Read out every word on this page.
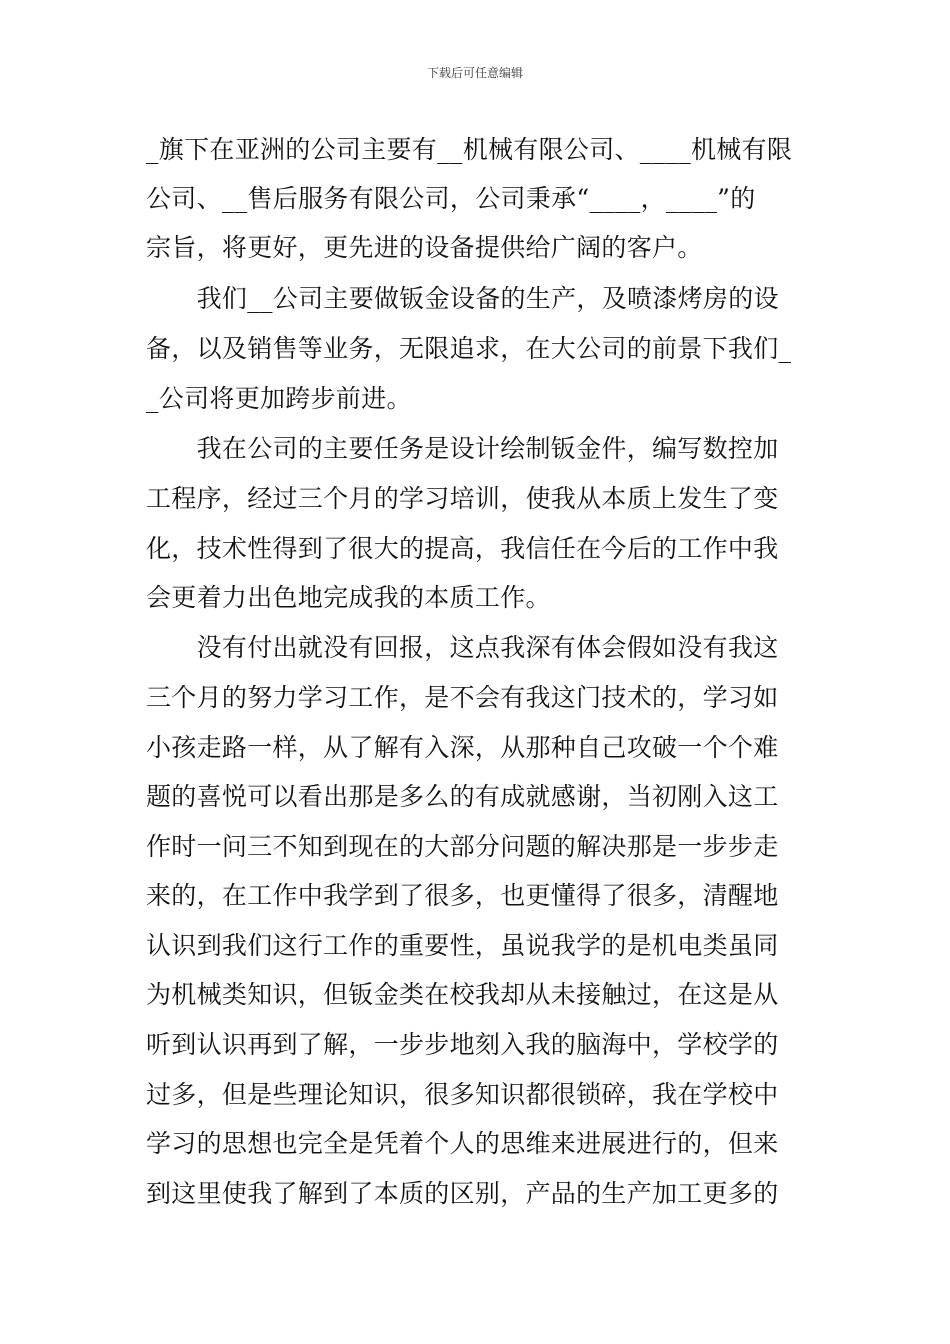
下载后可任意编辑
_旗下在亚洲的公司主要有__机械有限公司、____机械有限
公司、__售后服务有限公司，公司秉承“____，____”的
宗旨，将更好，更先进的设备提供给广阔的客户。
　　我们__公司主要做钣金设备的生产，及喷漆烤房的设
备，以及销售等业务，无限追求，在大公司的前景下我们_
_公司将更加跨步前进。
　　我在公司的主要任务是设计绘制钣金件，编写数控加
工程序，经过三个月的学习培训，使我从本质上发生了变
化，技术性得到了很大的提高，我信任在今后的工作中我
会更着力出色地完成我的本质工作。
　　没有付出就没有回报，这点我深有体会假如没有我这
三个月的努力学习工作，是不会有我这门技术的，学习如
小孩走路一样，从了解有入深，从那种自己攻破一个个难
题的喜悦可以看出那是多么的有成就感谢，当初刚入这工
作时一问三不知到现在的大部分问题的解决那是一步步走
来的，在工作中我学到了很多，也更懂得了很多，清醒地
认识到我们这行工作的重要性，虽说我学的是机电类虽同
为机械类知识，但钣金类在校我却从未接触过，在这是从
听到认识再到了解，一步步地刻入我的脑海中，学校学的
过多，但是些理论知识，很多知识都很锁碎，我在学校中
学习的思想也完全是凭着个人的思维来进展进行的，但来
到这里使我了解到了本质的区别，产品的生产加工更多的
